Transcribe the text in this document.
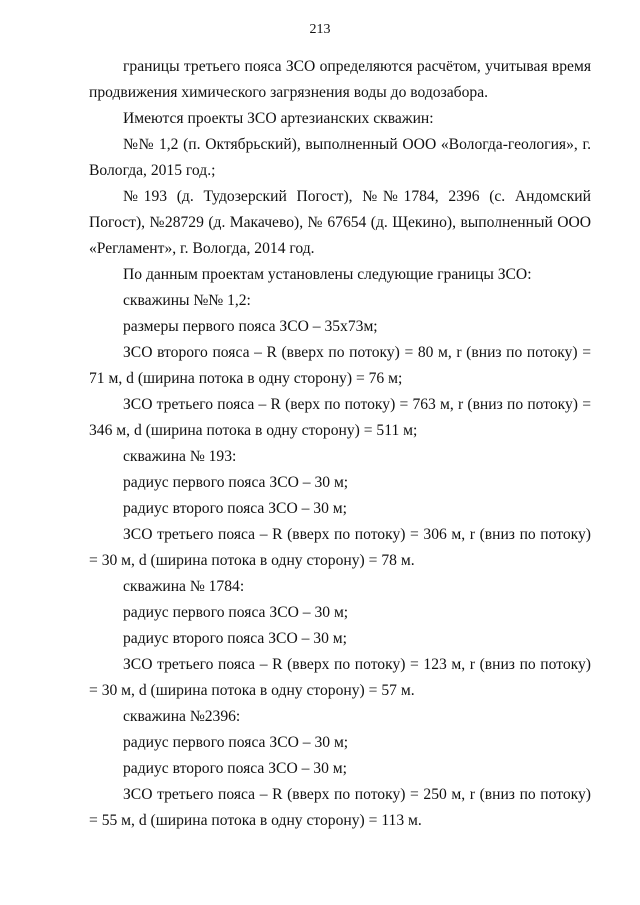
213

границы третьего пояса ЗСО определяются расчётом, учитывая время продвижения химического загрязнения воды до водозабора.

Имеются проекты ЗСО артезианских скважин:

№№ 1,2 (п. Октябрьский), выполненный ООО «Вологда-геология», г. Вологда, 2015 год.;

№193 (д. Тудозерский Погост), №№1784, 2396 (с. Андомский Погост), №28729 (д. Макачево), № 67654 (д. Щекино), выполненный ООО «Регламент», г. Вологда, 2014 год.

По данным проектам установлены следующие границы ЗСО:

скважины №№ 1,2:

размеры первого пояса ЗСО – 35х73м;

ЗСО второго пояса – R (вверх по потоку) = 80 м, r (вниз по потоку) = 71 м, d (ширина потока в одну сторону) = 76 м;

ЗСО третьего пояса – R (верх по потоку) = 763 м, r (вниз по потоку) = 346 м, d (ширина потока в одну сторону) = 511 м;

скважина № 193:

радиус первого пояса ЗСО – 30 м;

радиус второго пояса ЗСО – 30 м;

ЗСО третьего пояса – R (вверх по потоку) = 306 м, r (вниз по потоку) = 30 м, d (ширина потока в одну сторону) = 78 м.

скважина № 1784:

радиус первого пояса ЗСО – 30 м;

радиус второго пояса ЗСО – 30 м;

ЗСО третьего пояса – R (вверх по потоку) = 123 м, r (вниз по потоку) = 30 м, d (ширина потока в одну сторону) = 57 м.

скважина №2396:

радиус первого пояса ЗСО – 30 м;

радиус второго пояса ЗСО – 30 м;

ЗСО третьего пояса – R (вверх по потоку) = 250 м, r (вниз по потоку) = 55 м, d (ширина потока в одну сторону) = 113 м.
